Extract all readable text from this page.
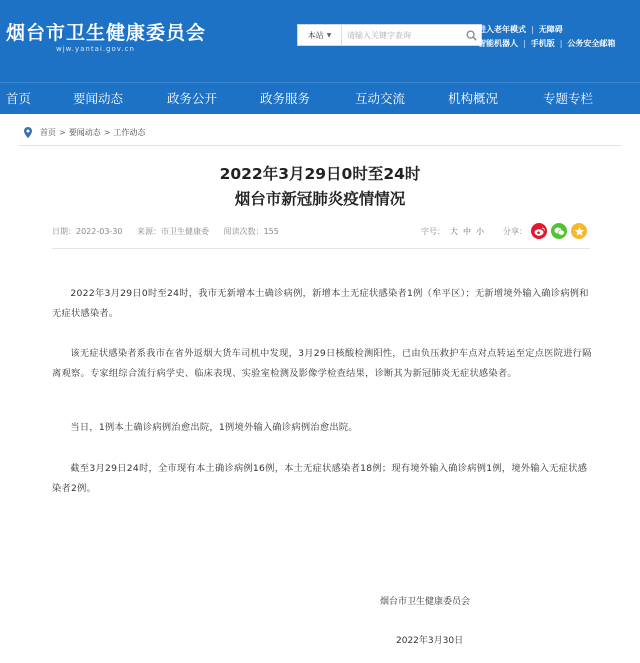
烟台市卫生健康委员会
wjw.yantai.gov.cn
本站 ▼
请输入关键字查询
进入老年模式 | 无障碍
智能机器人 | 手机版 | 公务安全邮箱
首页	要闻动态	政务公开	政务服务	互动交流	机构概况	专题专栏
首页 > 要闻动态 > 工作动态
2022年3月29日0时至24时
烟台市新冠肺炎疫情情况
日期：2022-03-30 来源：市卫生健康委 阅读次数：155	字号： 大 中 小 分享：
2022年3月29日0时至24时，我市无新增本土确诊病例，新增本土无症状感染者1例（牟平区）；无新增境外输入确诊病例和无症状感染者。
该无症状感染者系我市在省外返烟大货车司机中发现，3月29日核酸检测阳性，已由负压救护车点对点转运至定点医院进行隔离观察。专家组综合流行病学史、临床表现、实验室检测及影像学检查结果，诊断其为新冠肺炎无症状感染者。
当日，1例本土确诊病例治愈出院，1例境外输入确诊病例治愈出院。
截至3月29日24时，全市现有本土确诊病例16例，本土无症状感染者18例；现有境外输入确诊病例1例，境外输入无症状感染者2例。
烟台市卫生健康委员会
2022年3月30日
